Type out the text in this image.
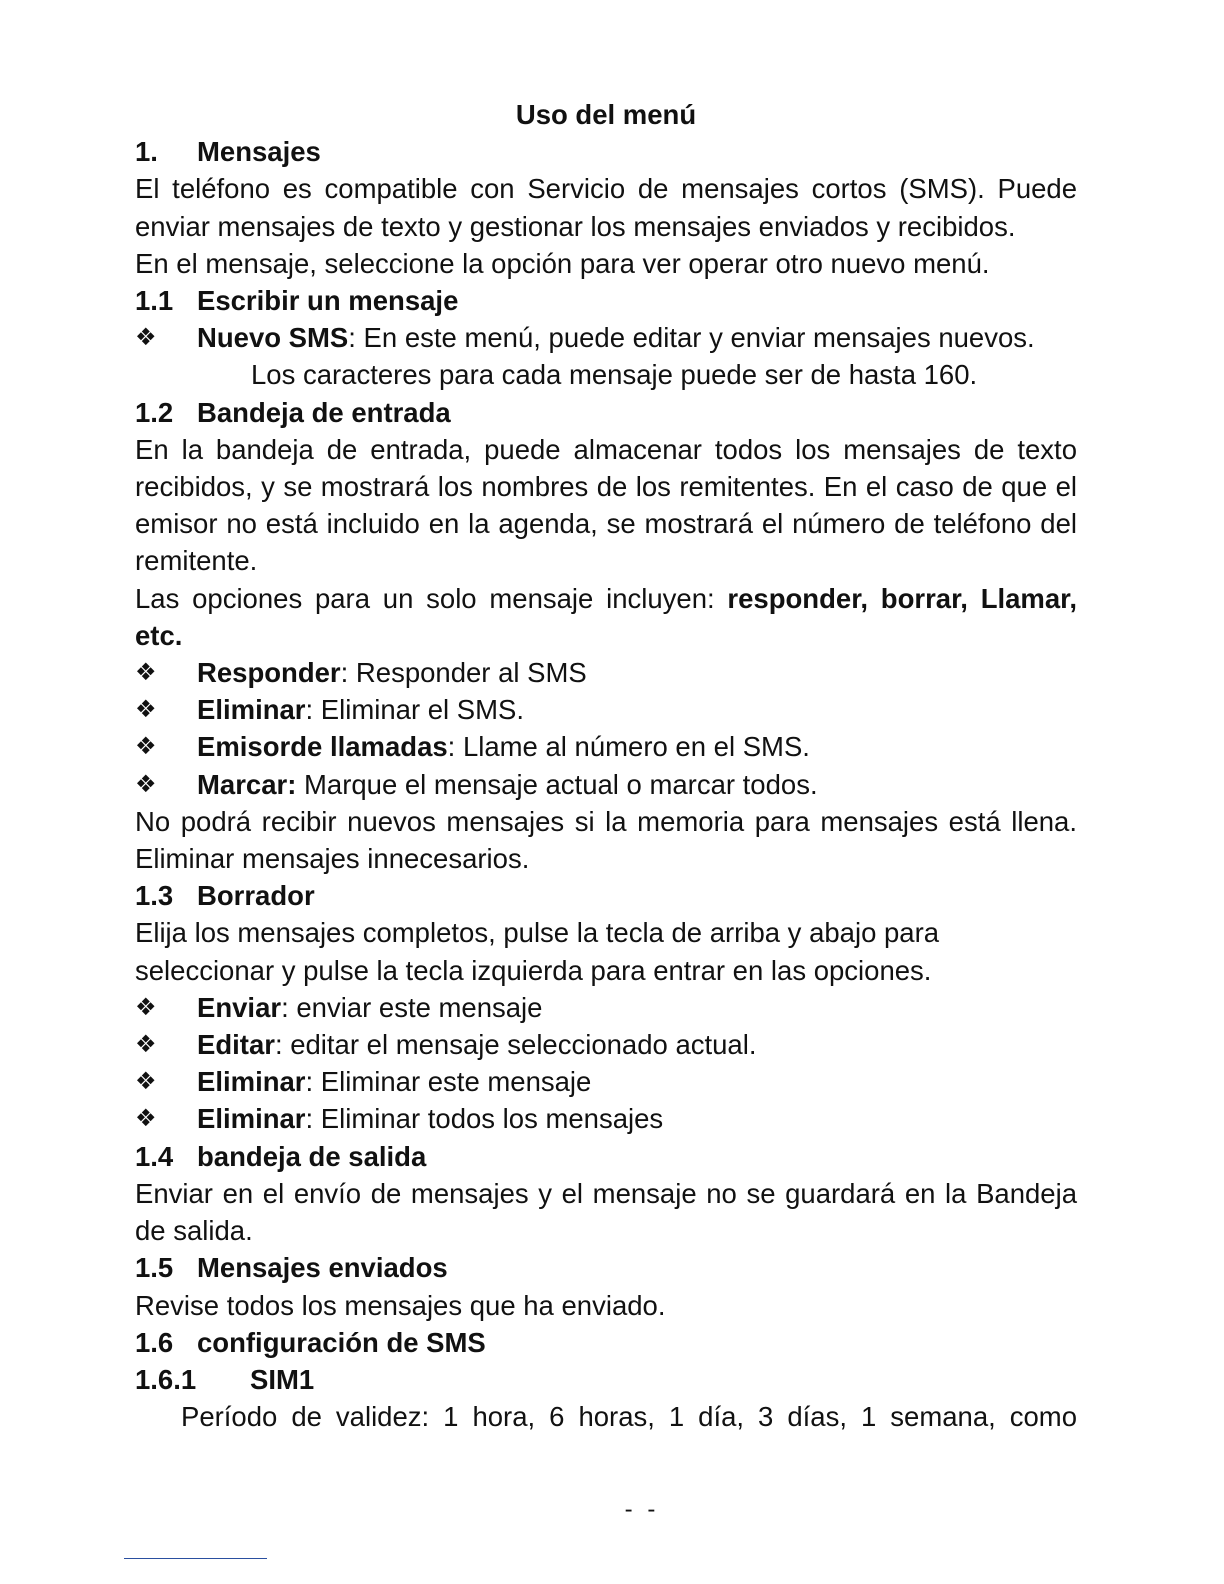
Uso del menú
1. Mensajes

El teléfono es compatible con Servicio de mensajes cortos (SMS). Puede enviar mensajes de texto y gestionar los mensajes enviados y recibidos.

En el mensaje, seleccione la opción para ver operar otro nuevo menú.

1.1 Escribir un mensaje
❖ Nuevo SMS: En este menú, puede editar y enviar mensajes nuevos.

Los caracteres para cada mensaje puede ser de hasta 160.

1.2 Bandeja de entrada

En la bandeja de entrada, puede almacenar todos los mensajes de texto recibidos, y se mostrará los nombres de los remitentes. En el caso de que el emisor no está incluido en la agenda, se mostrará el número de teléfono del remitente.

Las opciones para un solo mensaje incluyen: responder, borrar, Llamar, etc.

❖ Responder: Responder al SMS
❖ Eliminar: Eliminar el SMS.
❖ Emisorde llamadas: Llame al número en el SMS.
❖ Marcar: Marque el mensaje actual o marcar todos.

No podrá recibir nuevos mensajes si la memoria para mensajes está llena. Eliminar mensajes innecesarios.

1.3 Borrador

Elija los mensajes completos, pulse la tecla de arriba y abajo para seleccionar y pulse la tecla izquierda para entrar en las opciones.

❖ Enviar: enviar este mensaje
❖ Editar: editar el mensaje seleccionado actual.
❖ Eliminar: Eliminar este mensaje
❖ Eliminar: Eliminar todos los mensajes
1.4 bandeja de salida

Enviar en el envío de mensajes y el mensaje no se guardará en la Bandeja de salida.

1.5 Mensajes enviados

Revise todos los mensajes que ha enviado.

1.6 configuración de SMS
1.6.1 SIM1

Período de validez: 1 hora, 6 horas, 1 día, 3 días, 1 semana, como

- -
